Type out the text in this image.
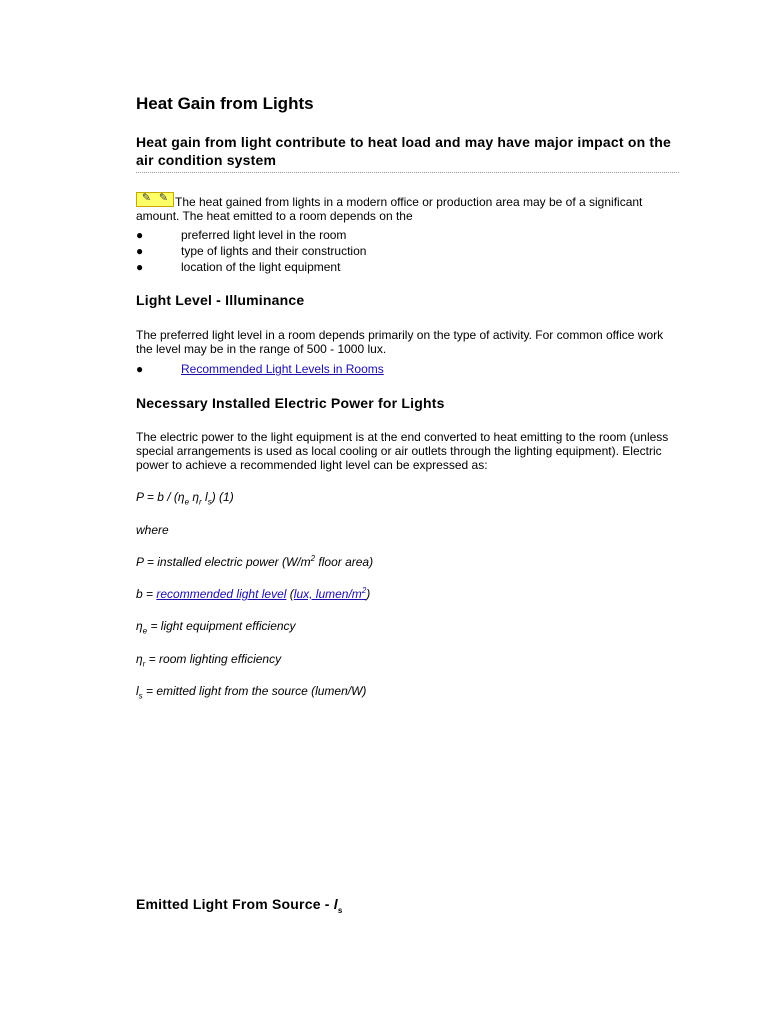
Heat Gain from Lights
Heat gain from light contribute to heat load and may have major impact on the air condition system

✎ ✎ The heat gained from lights in a modern office or production area may be of a significant amount. The heat emitted to a room depends on the

●	preferred light level in the room
●	type of lights and their construction
●	location of the light equipment
Light Level - Illuminance

The preferred light level in a room depends primarily on the type of activity. For common office work the level may be in the range of 500 - 1000 lux.

●	Recommended Light Levels in Rooms
Necessary Installed Electric Power for Lights

The electric power to the light equipment is at the end converted to heat emitting to the room (unless special arrangements is used as local cooling or air outlets through the lighting equipment). Electric power to achieve a recommended light level can be expressed as:

$P = b / (\eta_e$ $\eta_r$ $l_s$) (1)
where
P = installed electric power ($W/m^2$ floor area)
b = recommended light level (lux, lumen/m$^2$)
$\eta_e$ = light equipment efficiency
$\eta_r$ = room lighting efficiency
$l_s$ = emitted light from the source (lumen/W)
Emitted Light From Source - $l_s$
